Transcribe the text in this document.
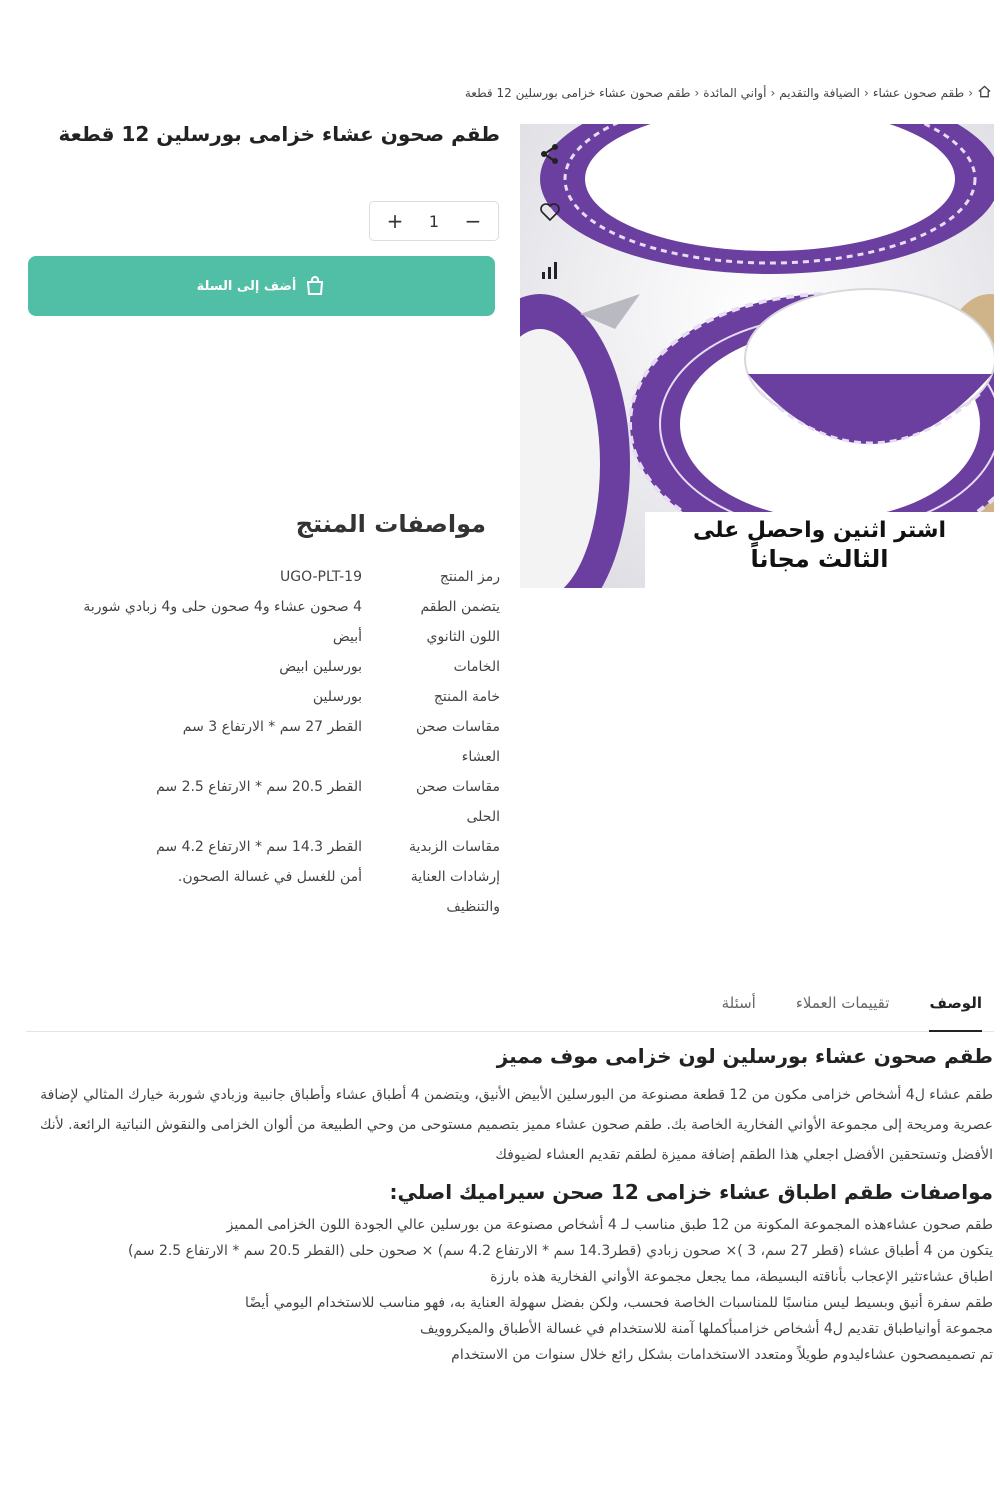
‹
طقم صحون عشاء
‹
الضيافة والتقديم
‹
أواني المائدة
‹
طقم صحون عشاء خزامى بورسلين 12 قطعة
اشتر اثنين واحصل على
الثالث مجاناً
طقم صحون عشاء خزامى بورسلين 12 قطعة
+	1	−
أضف إلى السلة
مواصفات المنتج
رمز المنتج
UGO-PLT-19
يتضمن الطقم
4 صحون عشاء و4 صحون حلى و4 زبادي شوربة
اللون الثانوي
أبيض
الخامات
بورسلين ابيض
خامة المنتج
بورسلين
مقاسات صحن العشاء
القطر 27 سم * الارتفاع 3 سم
مقاسات صحن الحلى
القطر 20.5 سم * الارتفاع 2.5 سم
مقاسات الزبدية
القطر 14.3 سم * الارتفاع 4.2 سم
إرشادات العناية والتنظيف
أمن للغسل في غسالة الصحون.
الوصف
تقييمات العملاء
أسئلة
طقم صحون عشاء بورسلين لون خزامى موف مميز

طقم عشاء ل4 أشخاص خزامى مكون من 12 قطعة مصنوعة من البورسلين الأبيض الأنيق، ويتضمن 4 أطباق عشاء وأطباق جانبية وزبادي شوربة خيارك المثالي لإضافة عصرية ومريحة إلى مجموعة الأواني الفخارية الخاصة بك. طقم صحون عشاء مميز بتصميم مستوحى من وحي الطبيعة من ألوان الخزامى والنقوش النباتية الرائعة. لأنك الأفضل وتستحقين الأفضل اجعلي هذا الطقم إضافة مميزة لطقم تقديم العشاء لضيوفك

مواصفات طقم اطباق عشاء خزامى 12 صحن سيراميك اصلي:
طقم صحون عشاءهذه المجموعة المكونة من 12 طبق مناسب لـ 4 أشخاص مصنوعة من بورسلين عالي الجودة اللون الخزامى المميز
يتكون من 4 أطباق عشاء (قطر 27 سم، 3 )× صحون زبادي (قطر14.3 سم * الارتفاع 4.2 سم) × صحون حلى (القطر 20.5 سم * الارتفاع 2.5 سم)
اطباق عشاءتثير الإعجاب بأناقته البسيطة، مما يجعل مجموعة الأواني الفخارية هذه بارزة
طقم سفرة أنيق وبسيط ليس مناسبًا للمناسبات الخاصة فحسب، ولكن بفضل سهولة العناية به، فهو مناسب للاستخدام اليومي أيضًا
مجموعة أوانياطباق تقديم ل4 أشخاص خزامىبأكملها آمنة للاستخدام في غسالة الأطباق والميكروويف
تم تصميمصحون عشاءليدوم طويلاً ومتعدد الاستخدامات بشكل رائع خلال سنوات من الاستخدام
